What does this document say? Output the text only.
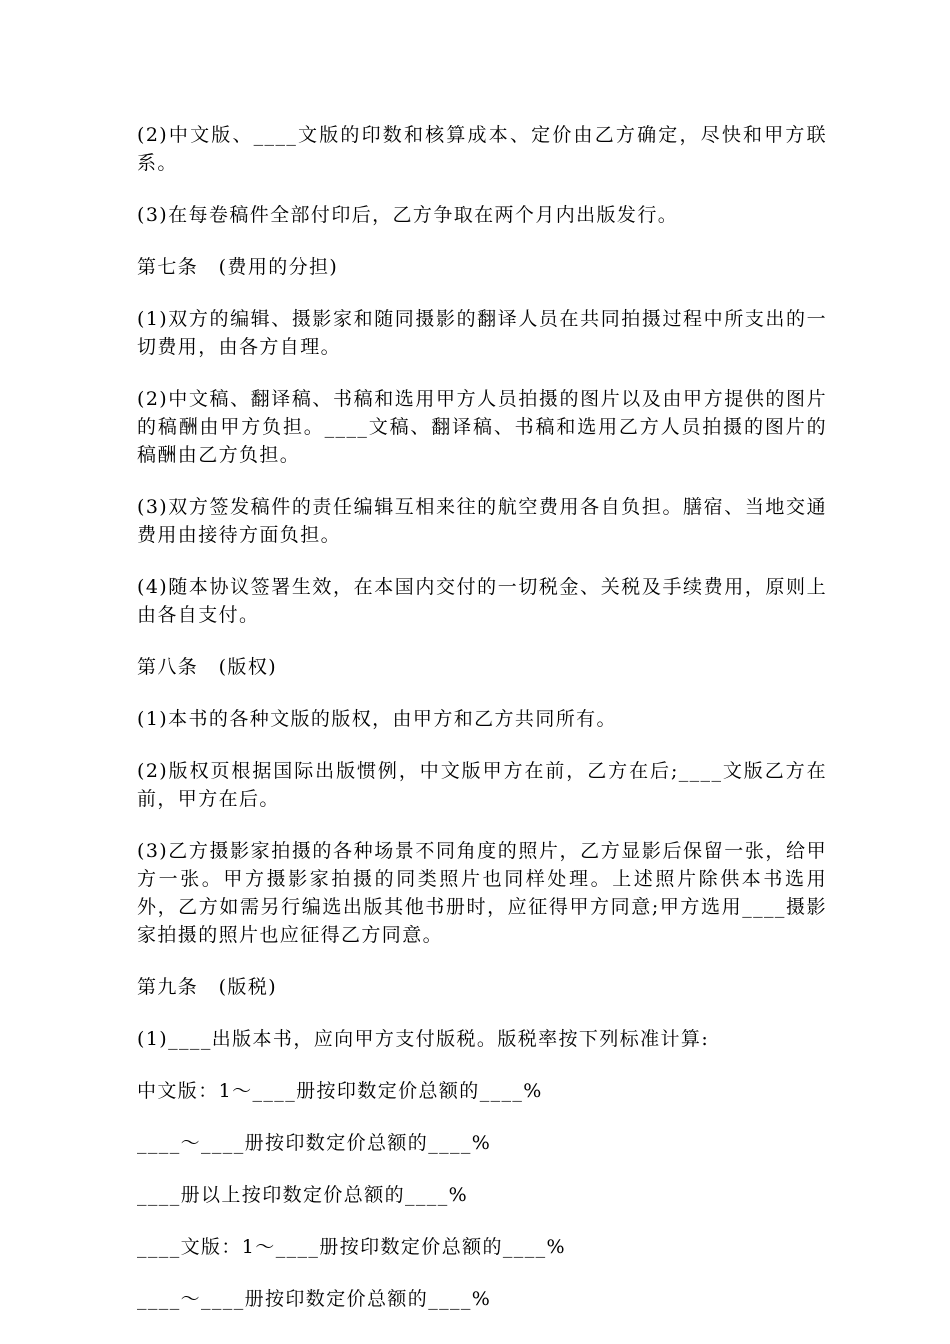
(2)中文版、____文版的印数和核算成本、定价由乙方确定，尽快和甲方联系。

(3)在每卷稿件全部付印后，乙方争取在两个月内出版发行。

第七条　(费用的分担)

(1)双方的编辑、摄影家和随同摄影的翻译人员在共同拍摄过程中所支出的一切费用，由各方自理。

(2)中文稿、翻译稿、书稿和选用甲方人员拍摄的图片以及由甲方提供的图片的稿酬由甲方负担。____文稿、翻译稿、书稿和选用乙方人员拍摄的图片的稿酬由乙方负担。

(3)双方签发稿件的责任编辑互相来往的航空费用各自负担。膳宿、当地交通费用由接待方面负担。

(4)随本协议签署生效，在本国内交付的一切税金、关税及手续费用，原则上由各自支付。

第八条　(版权)

(1)本书的各种文版的版权，由甲方和乙方共同所有。

(2)版权页根据国际出版惯例，中文版甲方在前，乙方在后;____文版乙方在前，甲方在后。

(3)乙方摄影家拍摄的各种场景不同角度的照片，乙方显影后保留一张，给甲方一张。甲方摄影家拍摄的同类照片也同样处理。上述照片除供本书选用外，乙方如需另行编选出版其他书册时，应征得甲方同意;甲方选用____摄影家拍摄的照片也应征得乙方同意。

第九条　(版税)

(1)____出版本书，应向甲方支付版税。版税率按下列标准计算:

中文版：1～____册按印数定价总额的____%

____～____册按印数定价总额的____%

____册以上按印数定价总额的____%

____文版：1～____册按印数定价总额的____%

____～____册按印数定价总额的____%
